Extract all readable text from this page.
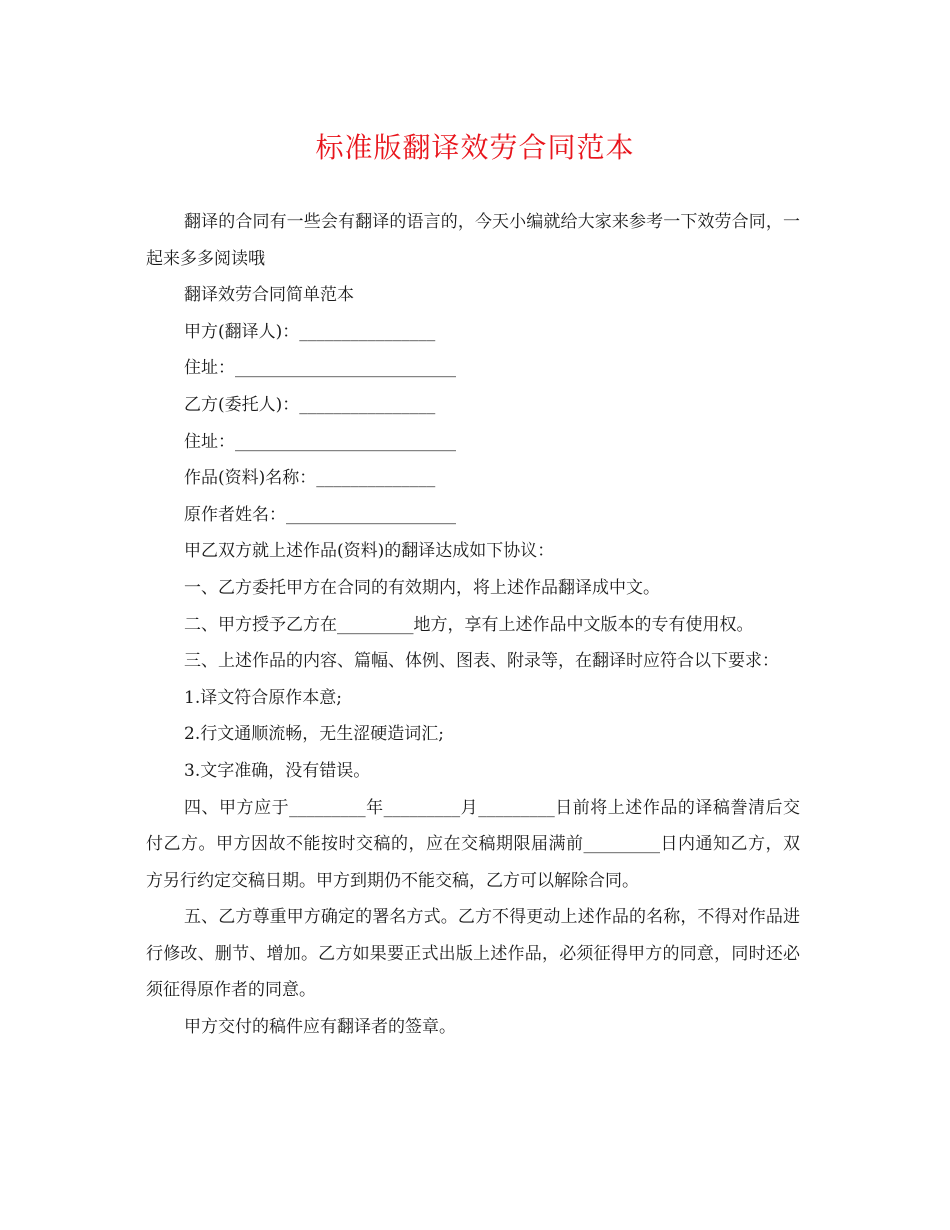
标准版翻译效劳合同范本

翻译的合同有一些会有翻译的语言的，今天小编就给大家来参考一下效劳合同，一起来多多阅读哦

翻译效劳合同简单范本

甲方(翻译人)：________________

住址：__________________________

乙方(委托人)：________________

住址：__________________________

作品(资料)名称：______________

原作者姓名：____________________

甲乙双方就上述作品(资料)的翻译达成如下协议：

一、乙方委托甲方在合同的有效期内，将上述作品翻译成中文。

二、甲方授予乙方在_________地方，享有上述作品中文版本的专有使用权。

三、上述作品的内容、篇幅、体例、图表、附录等，在翻译时应符合以下要求：

1.译文符合原作本意;

2.行文通顺流畅，无生涩硬造词汇;

3.文字准确，没有错误。

四、甲方应于_________年_________月_________日前将上述作品的译稿誊清后交付乙方。甲方因故不能按时交稿的，应在交稿期限届满前_________日内通知乙方，双方另行约定交稿日期。甲方到期仍不能交稿，乙方可以解除合同。

五、乙方尊重甲方确定的署名方式。乙方不得更动上述作品的名称，不得对作品进行修改、删节、增加。乙方如果要正式出版上述作品，必须征得甲方的同意，同时还必须征得原作者的同意。

甲方交付的稿件应有翻译者的签章。
